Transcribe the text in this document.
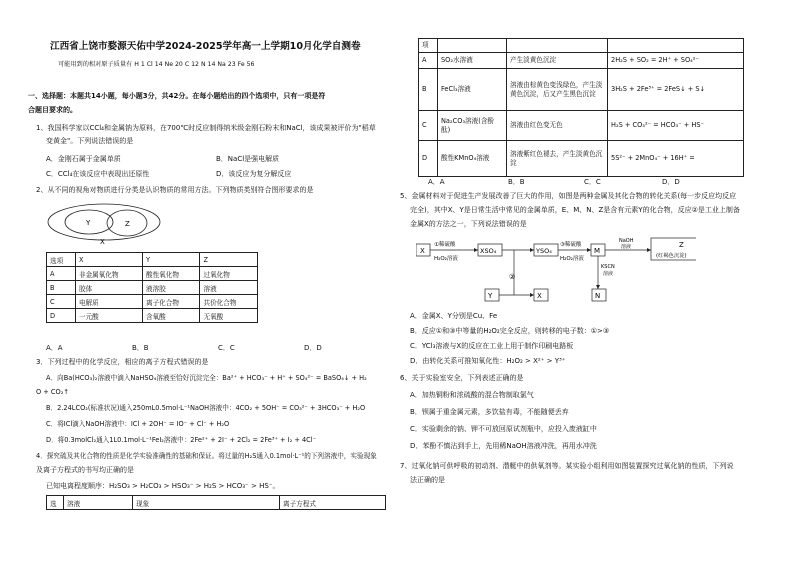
江西省上饶市婺源天佑中学2024-2025学年高一上学期10月化学自测卷
可能用到的相对原子质量有 H 1 Cl 14 Ne 20 C 12 N 14 Na 23 Fe 56
一、选择题：本题共14小题，每小题3分，共42分。在每小题给出的四个选项中，只有一项是符
合题目要求的。
1、我国科学家以CCl₄和金属钠为原料，在700℃时反应制得纳米级金刚石粉末和NaCl，该成果被评价为"稻草
变黄金"。下列说法错误的是
A．金刚石属于金属单质	B．NaCl是强电解质
C．CCl₄在该反应中表现出还原性	D．该反应为复分解反应
2、从不同的视角对物质进行分类是认识物质的常用方法。下列物质类别符合图形要求的是
Y	Z
X
选项	X	Y	Z
A	非金属氧化物	酸性氧化物	过氧化物
B	胶体	液溶胶	溶液
C	电解质	离子化合物	共价化合物
D	一元酸	含氧酸	无氧酸
A．A	B．B	C．C	D．D
3．下列过程中的化学反应，相应的离子方程式错误的是
A．向Ba(HCO₃)₂溶液中滴入NaHSO₄溶液至恰好沉淀完全：Ba²⁺ + HCO₃⁻ + H⁺ + SO₄²⁻ = BaSO₄↓ + H₂
O + CO₂↑
B．2.24LCO₂(标准状况)通入250mL0.5mol·L⁻¹NaOH溶液中：4CO₂ + 5OH⁻ = CO₃²⁻ + 3HCO₃⁻ + H₂O
C．将ICl滴入NaOH溶液中：ICl + 2OH⁻ = IO⁻ + Cl⁻ + H₂O
D．将0.3molCl₂通入1L0.1mol·L⁻¹FeI₂溶液中：2Fe²⁺ + 2I⁻ + 2Cl₂ = 2Fe³⁺ + I₂ + 4Cl⁻
4．探究硫及其化合物的性质是化学实验准确性的基础和保证。将过量的H₂S通入0.1mol·L⁻¹的下列溶液中，实验现象
及离子方程式的书写均正确的是
已知电离程度顺序：H₂SO₃ > H₂CO₃ > HSO₃⁻ > H₂S > HCO₃⁻ > HS⁻。
选	溶液	现象	离子方程式
项			
A	SO₂水溶液	产生淡黄色沉淀	2H₂S + SO₂ = 2H⁺ + SO₄²⁻
B	FeCl₃溶液	溶液由棕黄色变浅绿色，产生淡黄色沉淀，后又产生黑色沉淀	3H₂S + 2Fe³⁺ = 2FeS↓ + S↓
C	Na₂CO₃溶液(含酚酞)	溶液由红色变无色	H₂S + CO₃²⁻ = HCO₃⁻ + HS⁻
D	酸性KMnO₄溶液	溶液紫红色褪去，产生淡黄色沉淀	5S²⁻ + 2MnO₄⁻ + 16H⁺ =
A．A	B．B	C．C	D．D
5、金属材料对于促进生产发展改善了巨大的作用，如图是两种金属及其化合物的转化关系(每一步反应均反应
完全)，其中X、Y是日常生活中常见的金属单质，E、M、N、Z是含有元素Y的化合物，反应②是工业上制备
金属X的方法之一，下列说法错误的是
X
①稀硫酸
H₂O₂溶液
XSO₄	YSO₄
③稀硫酸
H₂O₂溶液
M
NaOH
溶液	Z
(红褐色沉淀)
②
KSCN
溶液
N
Y	X
A．金属X、Y分别是Cu、Fe
B．反应①和③中等量的H₂O₂完全反应，则转移的电子数：①>③
C．YCl₃溶液与X的反应在工业上用于制作印刷电路板
D．由转化关系可推知氧化性：H₂O₂ > X²⁺ > Y³⁺
6、关于实验室安全，下列表述正确的是
A．加热铜粉和浓硫酸的混合物制取氯气
B．钡属于重金属元素，多饮盐有毒，不能随便丢弃
C．实验剩余的钠、钾不可放回原试剂瓶中，应投入废液缸中
D．苯酚不慎沾到手上，先用稀NaOH溶液冲洗，再用水冲洗
7、过氧化钠可供呼吸的初动剂、潜艇中的供氧剂等。某实验小组利用如图装置探究过氧化钠的性质，下列说
法正确的是
